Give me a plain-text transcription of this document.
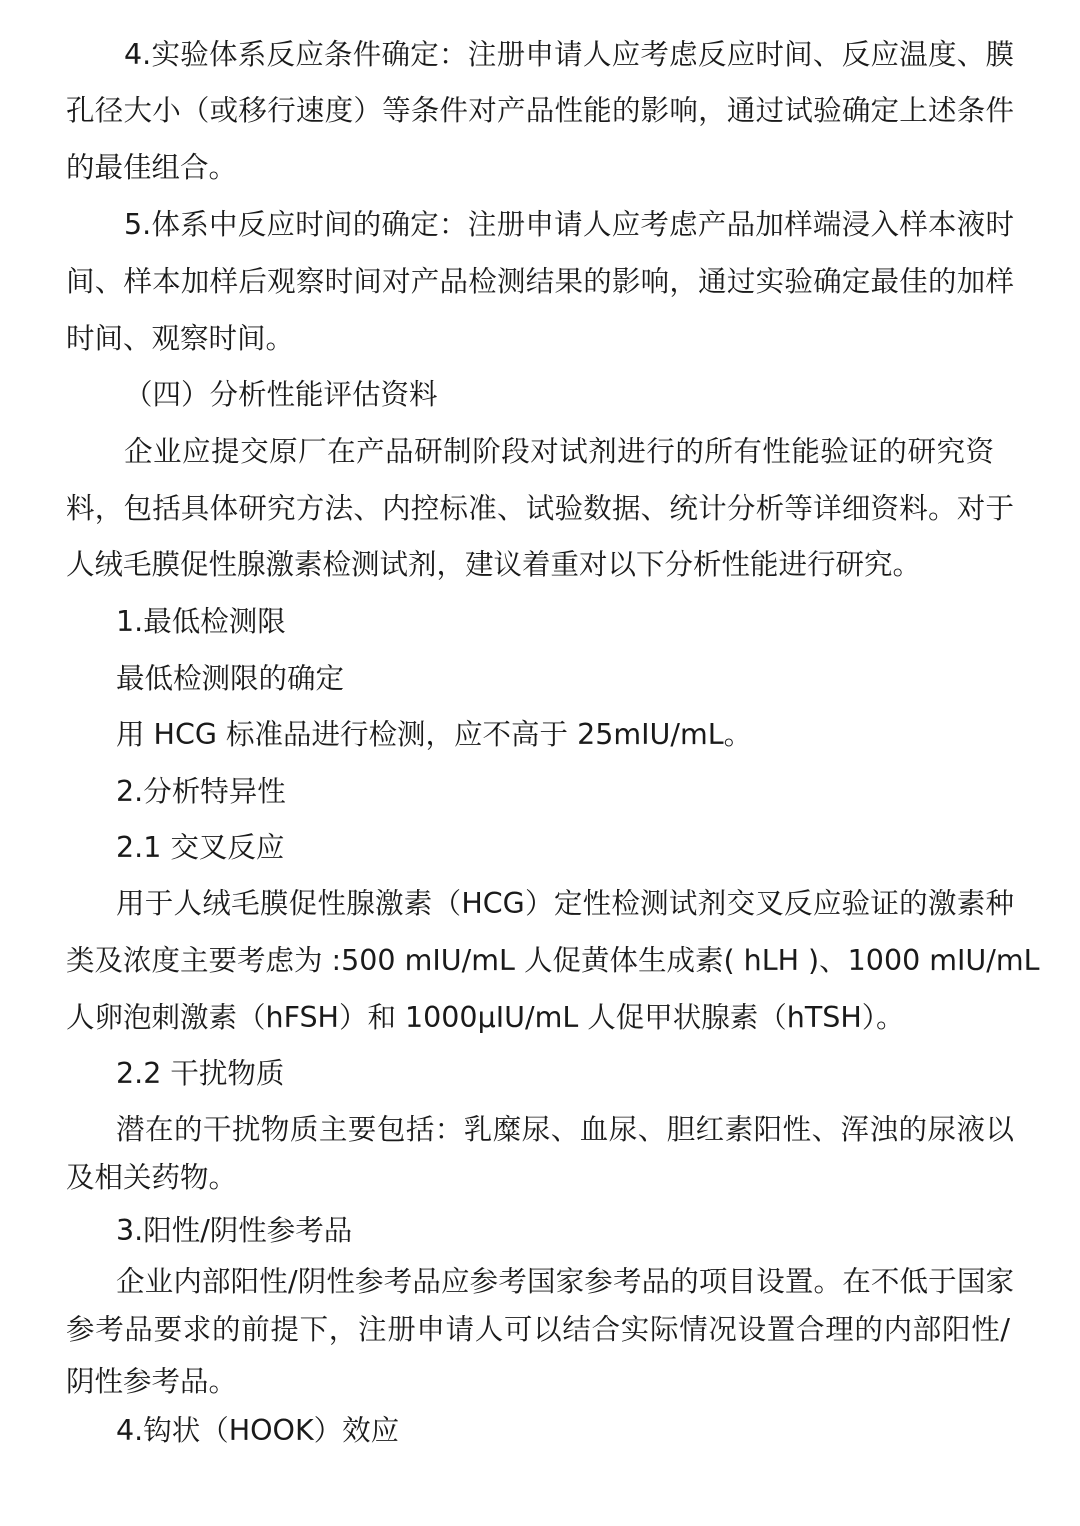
4.实验体系反应条件确定：注册申请人应考虑反应时间、反应温度、膜

孔径大小（或移行速度）等条件对产品性能的影响，通过试验确定上述条件

的最佳组合。

5.体系中反应时间的确定：注册申请人应考虑产品加样端浸入样本液时

间、样本加样后观察时间对产品检测结果的影响，通过实验确定最佳的加样

时间、观察时间。

（四）分析性能评估资料

企业应提交原厂在产品研制阶段对试剂进行的所有性能验证的研究资

料，包括具体研究方法、内控标准、试验数据、统计分析等详细资料。对于

人绒毛膜促性腺激素检测试剂，建议着重对以下分析性能进行研究。

1.最低检测限

最低检测限的确定

用 HCG 标准品进行检测，应不高于 25mIU/mL。

2.分析特异性

2.1 交叉反应

用于人绒毛膜促性腺激素（HCG）定性检测试剂交叉反应验证的激素种

类及浓度主要考虑为 :500 mIU/mL 人促黄体生成素( hLH )、1000 mIU/mL

人卵泡刺激素（hFSH）和 1000μIU/mL 人促甲状腺素（hTSH）。

2.2 干扰物质

潜在的干扰物质主要包括：乳糜尿、血尿、胆红素阳性、浑浊的尿液以

及相关药物。

3.阳性/阴性参考品

企业内部阳性/阴性参考品应参考国家参考品的项目设置。在不低于国家

参考品要求的前提下，注册申请人可以结合实际情况设置合理的内部阳性/

阴性参考品。

4.钩状（HOOK）效应
